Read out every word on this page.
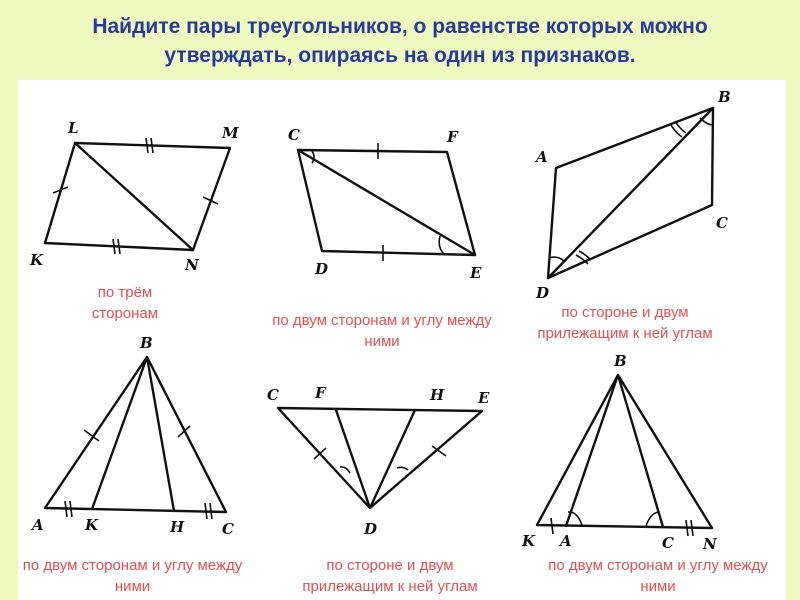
Найдите пары треугольников, о равенстве которых можно
утверждать, опираясь на один из признаков.
L	M
K	N
C	F
D	E
B
A
C
D
B
A	K	H	C
C F	H E
D
B
K A	C N
по трём
сторонам	по двум сторонам и углу между
ними
по стороне и двум
прилежащим к ней углам
по двум сторонам и углу между
ними
по стороне и двум
прилежащим к ней углам
по двум сторонам и углу между
ними
